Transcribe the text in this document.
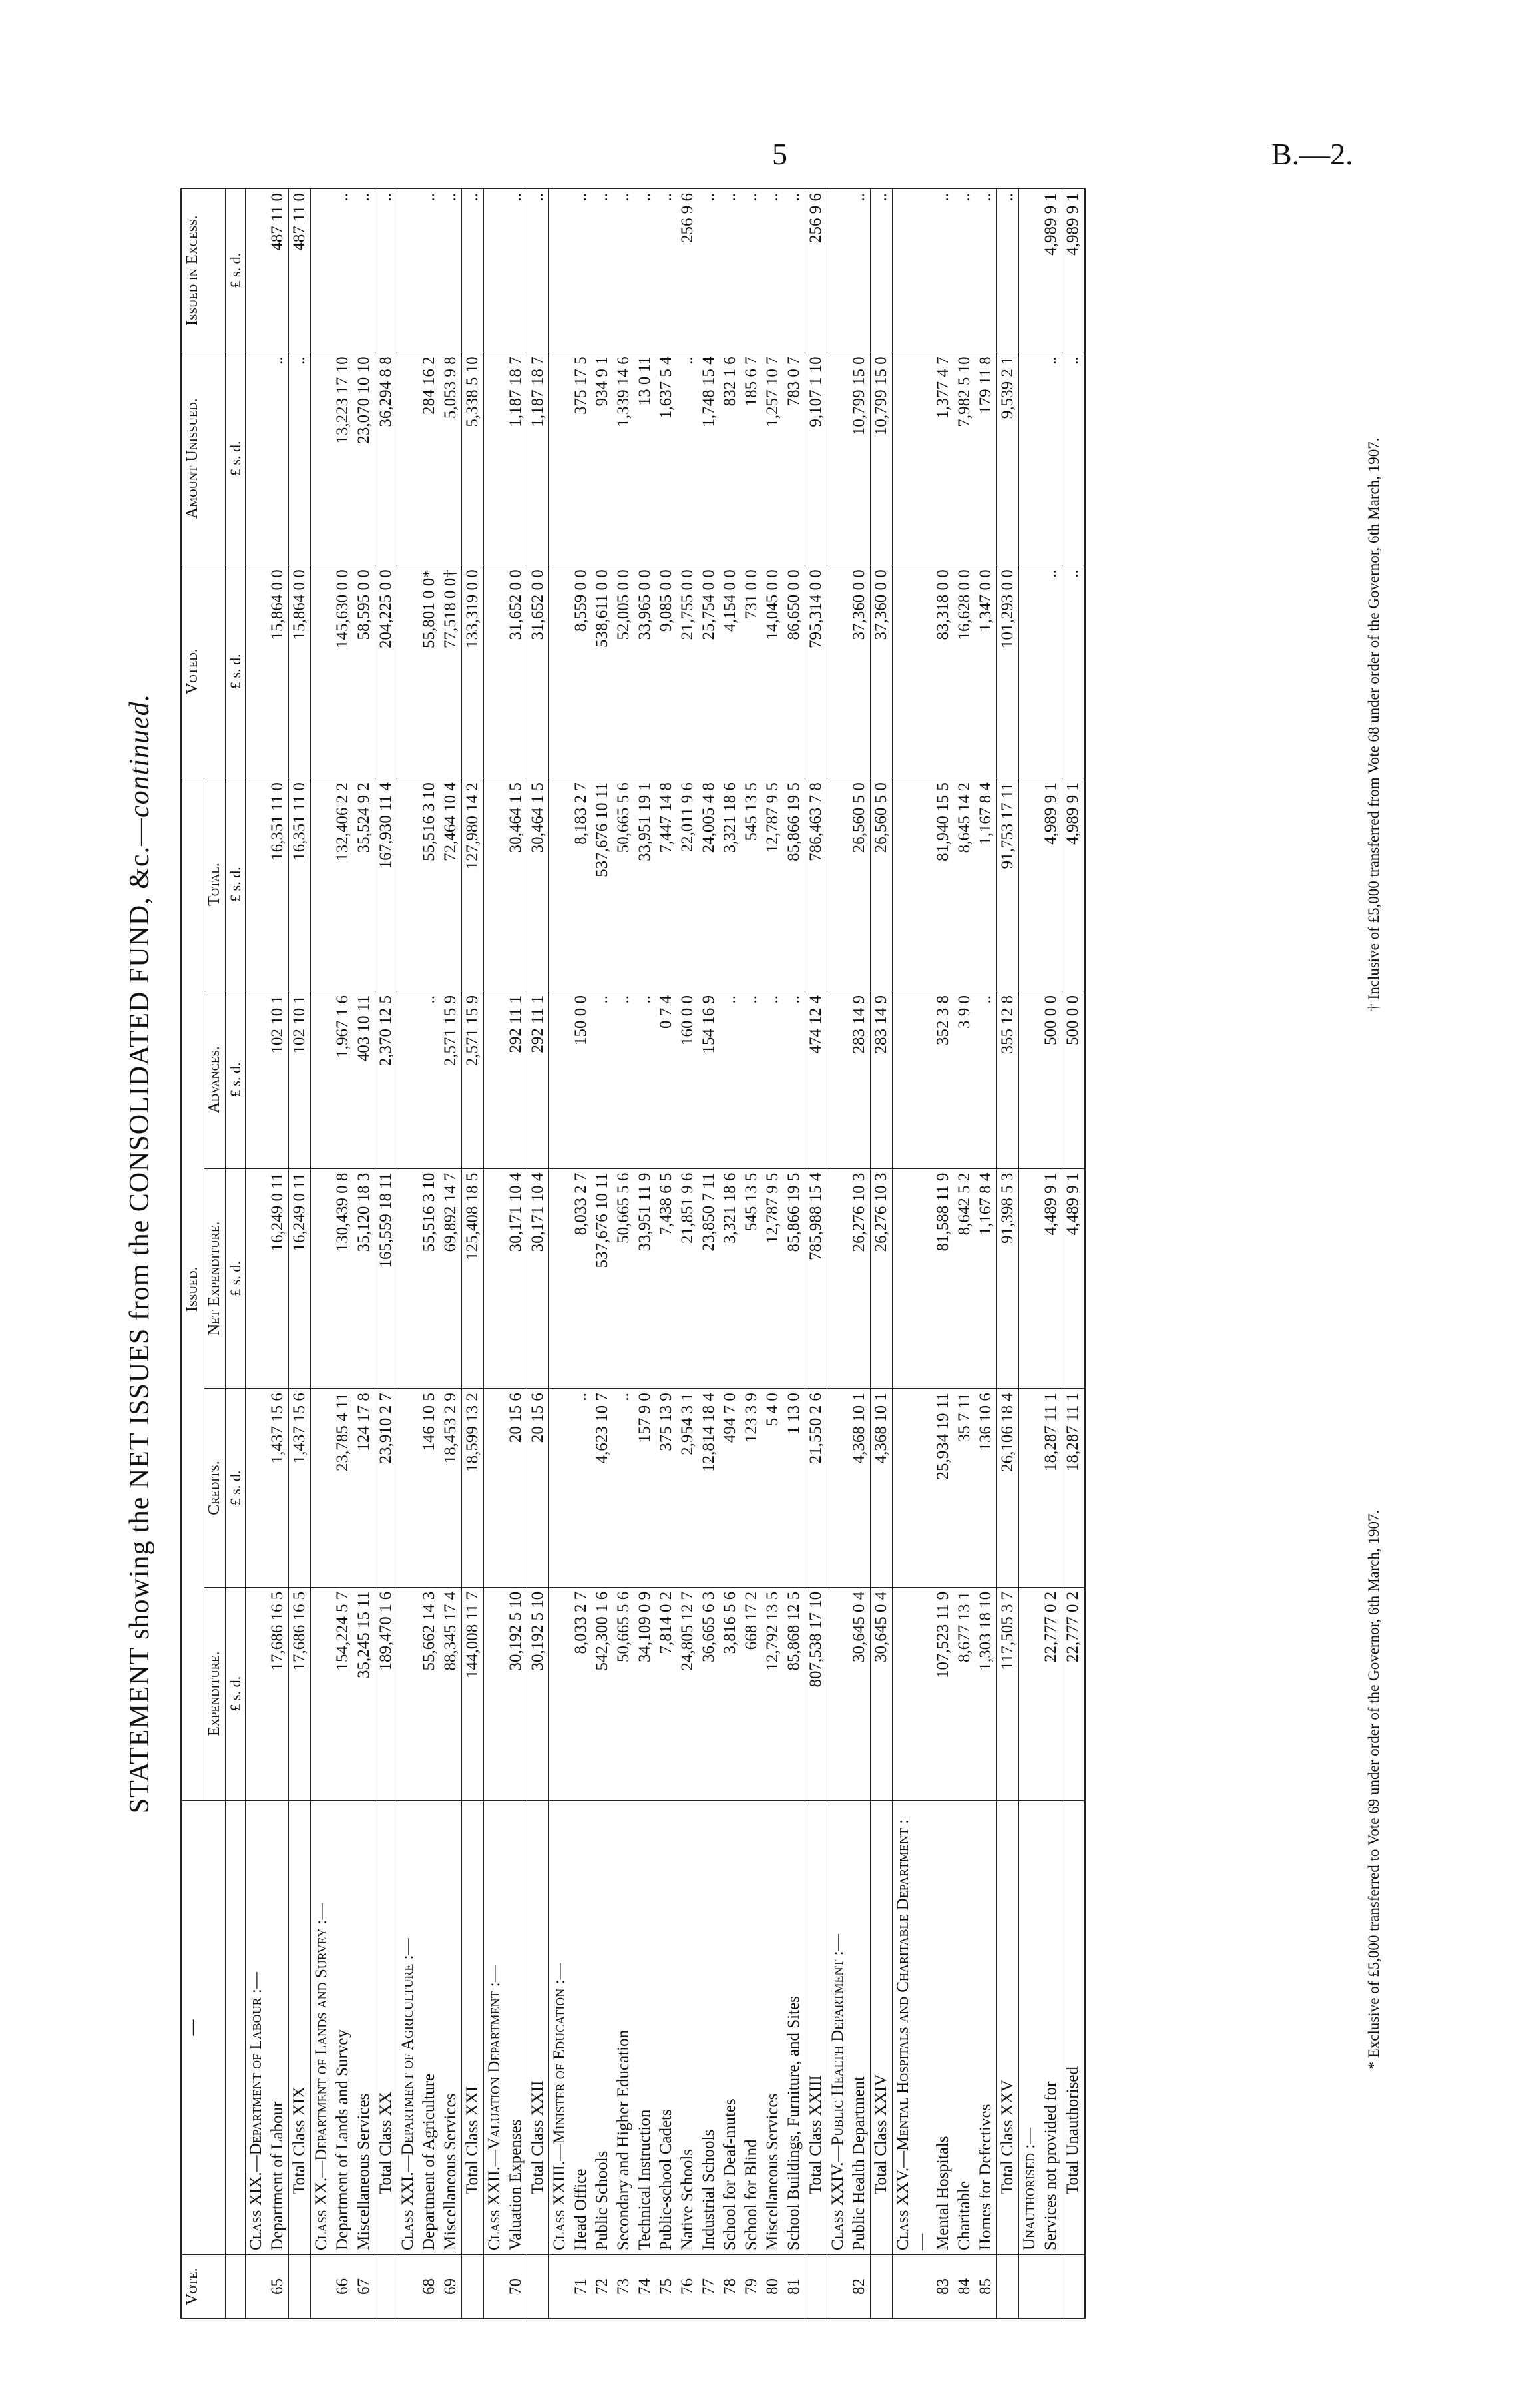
5	B.—2.
STATEMENT showing the NET ISSUES from the CONSOLIDATED FUND, &c.—continued.
Vote.	—	Issued.					Voted.	Amount Unissued.	Issued in Excess.
		Expenditure.	Credits.	Net Expenditure.	Advances.	Total.			
		£ s. d.	£ s. d.	£ s. d.	£ s. d.	£ s. d.	£ s. d.	£ s. d.	£ s. d.
	Class XIX.—Department of Labour :—								
65	Department of Labour	17,686 16 5	1,437 15 6	16,249 0 11	102 10 1	16,351 11 0	15,864 0 0	..	487 11 0
	Total Class XIX	17,686 16 5	1,437 15 6	16,249 0 11	102 10 1	16,351 11 0	15,864 0 0	..	487 11 0
	Class XX.—Department of Lands and Survey :—								
66	Department of Lands and Survey	154,224 5 7	23,785 4 11	130,439 0 8	1,967 1 6	132,406 2 2	145,630 0 0	13,223 17 10	..
67	Miscellaneous Services	35,245 15 11	124 17 8	35,120 18 3	403 10 11	35,524 9 2	58,595 0 0	23,070 10 10	..
	Total Class XX	189,470 1 6	23,910 2 7	165,559 18 11	2,370 12 5	167,930 11 4	204,225 0 0	36,294 8 8	..
	Class XXI.—Department of Agriculture :—								
68	Department of Agriculture	55,662 14 3	146 10 5	55,516 3 10	..	55,516 3 10	55,801 0 0*	284 16 2	..
69	Miscellaneous Services	88,345 17 4	18,453 2 9	69,892 14 7	2,571 15 9	72,464 10 4	77,518 0 0†	5,053 9 8	..
	Total Class XXI	144,008 11 7	18,599 13 2	125,408 18 5	2,571 15 9	127,980 14 2	133,319 0 0	5,338 5 10	..
	Class XXII.—Valuation Department :—								
70	Valuation Expenses	30,192 5 10	20 15 6	30,171 10 4	292 11 1	30,464 1 5	31,652 0 0	1,187 18 7	..
	Total Class XXII	30,192 5 10	20 15 6	30,171 10 4	292 11 1	30,464 1 5	31,652 0 0	1,187 18 7	..
	Class XXIII.—Minister of Education :—								
71	Head Office	8,033 2 7	..	8,033 2 7	150 0 0	8,183 2 7	8,559 0 0	375 17 5	..
72	Public Schools	542,300 1 6	4,623 10 7	537,676 10 11	..	537,676 10 11	538,611 0 0	934 9 1	..
73	Secondary and Higher Education	50,665 5 6	..	50,665 5 6	..	50,665 5 6	52,005 0 0	1,339 14 6	..
74	Technical Instruction	34,109 0 9	157 9 0	33,951 11 9	..	33,951 19 1	33,965 0 0	13 0 11	..
75	Public-school Cadets	7,814 0 2	375 13 9	7,438 6 5	0 7 4	7,447 14 8	9,085 0 0	1,637 5 4	..
76	Native Schools	24,805 12 7	2,954 3 1	21,851 9 6	160 0 0	22,011 9 6	21,755 0 0	..	256 9 6
77	Industrial Schools	36,665 6 3	12,814 18 4	23,850 7 11	154 16 9	24,005 4 8	25,754 0 0	1,748 15 4	..
78	School for Deaf-mutes	3,816 5 6	494 7 0	3,321 18 6	..	3,321 18 6	4,154 0 0	832 1 6	..
79	School for Blind	668 17 2	123 3 9	545 13 5	..	545 13 5	731 0 0	185 6 7	..
80	Miscellaneous Services	12,792 13 5	5 4 0	12,787 9 5	..	12,787 9 5	14,045 0 0	1,257 10 7	..
81	School Buildings, Furniture, and Sites	85,868 12 5	1 13 0	85,866 19 5	..	85,866 19 5	86,650 0 0	783 0 7	..
	Total Class XXIII	807,538 17 10	21,550 2 6	785,988 15 4	474 12 4	786,463 7 8	795,314 0 0	9,107 1 10	256 9 6
	Class XXIV.—Public Health Department :—								
82	Public Health Department	30,645 0 4	4,368 10 1	26,276 10 3	283 14 9	26,560 5 0	37,360 0 0	10,799 15 0	..
	Total Class XXIV	30,645 0 4	4,368 10 1	26,276 10 3	283 14 9	26,560 5 0	37,360 0 0	10,799 15 0	..
	Class XXV.—Mental Hospitals and Charitable Department :—								
83	Mental Hospitals	107,523 11 9	25,934 19 11	81,588 11 9	352 3 8	81,940 15 5	83,318 0 0	1,377 4 7	..
84	Charitable	8,677 13 1	35 7 11	8,642 5 2	3 9 0	8,645 14 2	16,628 0 0	7,982 5 10	..
85	Homes for Defectives	1,303 18 10	136 10 6	1,167 8 4	..	1,167 8 4	1,347 0 0	179 11 8	..
	Total Class XXV	117,505 3 7	26,106 18 4	91,398 5 3	355 12 8	91,753 17 11	101,293 0 0	9,539 2 1	..
	Unauthorised :—								
	Services not provided for	22,777 0 2	18,287 11 1	4,489 9 1	500 0 0	4,989 9 1	..	..	4,989 9 1
	Total Unauthorised	22,777 0 2	18,287 11 1	4,489 9 1	500 0 0	4,989 9 1	..	..	4,989 9 1
* Exclusive of £5,000 transferred to Vote 69 under order of the Governor, 6th March, 1907.
† Inclusive of £5,000 transferred from Vote 68 under order of the Governor, 6th March, 1907.
